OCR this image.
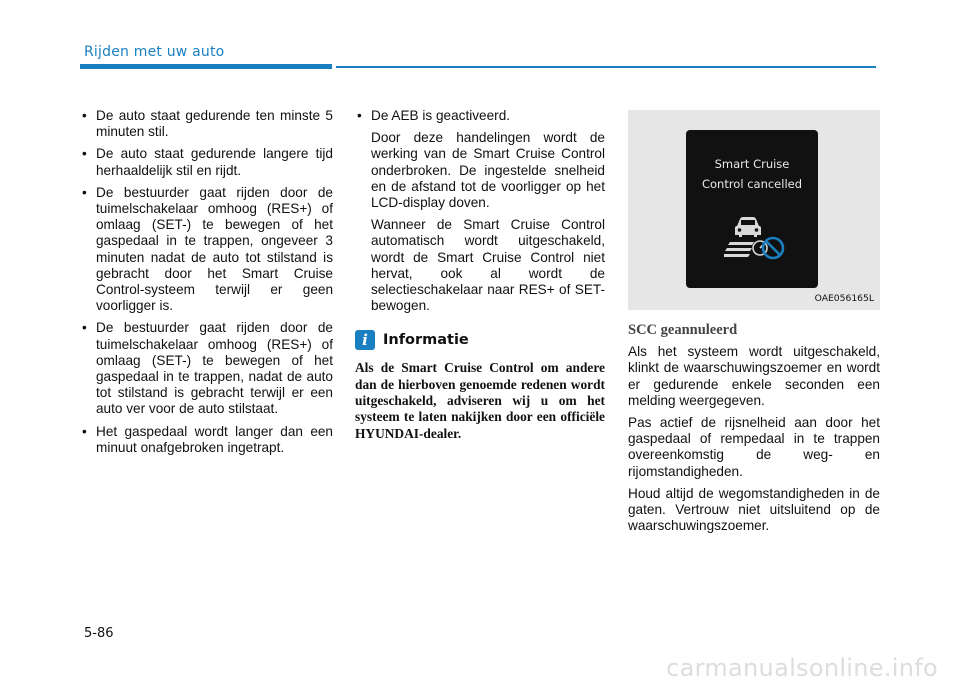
Rijden met uw auto
• De auto staat gedurende ten minste 5 minuten stil.
• De auto staat gedurende langere tijd herhaaldelijk stil en rijdt.
• De bestuurder gaat rijden door de tuimelschakelaar omhoog (RES+) of omlaag (SET-) te bewegen of het gaspedaal in te trappen, ongeveer 3 minuten nadat de auto tot stilstand is gebracht door het Smart Cruise Control-systeem terwijl er geen voorligger is.
• De bestuurder gaat rijden door de tuimelschakelaar omhoog (RES+) of omlaag (SET-) te bewegen of het gaspedaal in te trappen, nadat de auto tot stilstand is gebracht terwijl er een auto ver voor de auto stilstaat.
• Het gaspedaal wordt langer dan een minuut onafgebroken ingetrapt.
• De AEB is geactiveerd.

Door deze handelingen wordt de werking van de Smart Cruise Control onderbroken. De ingestelde snelheid en de afstand tot de voorligger op het LCD-display doven.

Wanneer de Smart Cruise Control automatisch wordt uitgeschakeld, wordt de Smart Cruise Control niet hervat, ook al wordt de selectieschakelaar naar RES+ of SET- bewogen.

i	Informatie
Als de Smart Cruise Control om andere dan de hierboven genoemde redenen wordt uitgeschakeld, adviseren wij u om het systeem te laten nakijken door een officiële HYUNDAI-dealer.
Smart Cruise
Control cancelled
OAE056165L
SCC geannuleerd

Als het systeem wordt uitgeschakeld, klinkt de waarschuwingszoemer en wordt er gedurende enkele seconden een melding weergegeven.

Pas actief de rijsnelheid aan door het gaspedaal of rempedaal in te trappen overeenkomstig de weg- en rijomstandigheden.

Houd altijd de wegomstandigheden in de gaten. Vertrouw niet uitsluitend op de waarschuwingszoemer.

5-86
carmanualsonline.info
